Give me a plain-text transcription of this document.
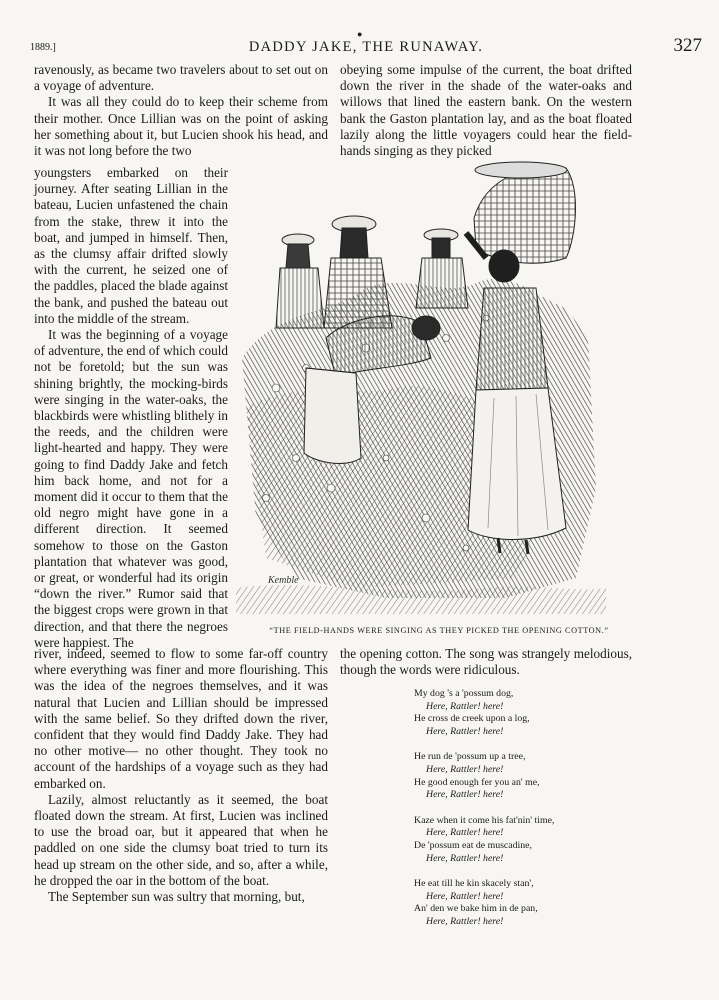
1889.]
●
DADDY JAKE, THE RUNAWAY.	327

ravenously, as became two travelers about to set out on a voyage of adventure.

It was all they could do to keep their scheme from their mother. Once Lillian was on the point of asking her something about it, but Lucien shook his head, and it was not long before the two

obeying some impulse of the current, the boat drifted down the river in the shade of the water-oaks and willows that lined the eastern bank. On the western bank the Gaston plantation lay, and as the boat floated lazily along the little voyagers could hear the field-hands singing as they picked

youngsters embarked on their journey. After seating Lillian in the bateau, Lucien unfastened the chain from the stake, threw it into the boat, and jumped in himself. Then, as the clumsy affair drifted slowly with the current, he seized one of the paddles, placed the blade against the bank, and pushed the bateau out into the middle of the stream.

It was the beginning of a voyage of adventure, the end of which could not be foretold; but the sun was shining brightly, the mocking-birds were singing in the water-oaks, the blackbirds were whistling blithely in the reeds, and the children were light-hearted and happy. They were going to find Daddy Jake and fetch him back home, and not for a moment did it occur to them that the old negro might have gone in a different direction. It seemed somehow to those on the Gaston plantation that whatever was good, or great, or wonderful had its origin “down the river.” Rumor said that the biggest crops were grown in that direction, and that there the negroes were happiest. The

Kemble
“THE FIELD-HANDS WERE SINGING AS THEY PICKED THE OPENING COTTON.”

river, indeed, seemed to flow to some far-off country where everything was finer and more flourishing. This was the idea of the negroes themselves, and it was natural that Lucien and Lillian should be impressed with the same belief. So they drifted down the river, confident that they would find Daddy Jake. They had no other motive— no other thought. They took no account of the hardships of a voyage such as they had embarked on.

Lazily, almost reluctantly as it seemed, the boat floated down the stream. At first, Lucien was inclined to use the broad oar, but it appeared that when he paddled on one side the clumsy boat tried to turn its head up stream on the other side, and so, after a while, he dropped the oar in the bottom of the boat.

The September sun was sultry that morning, but,

the opening cotton. The song was strangely melodious, though the words were ridiculous.

My dog 's a 'possum dog,
Here, Rattler! here!
He cross de creek upon a log,
Here, Rattler! here!
He run de 'possum up a tree,
Here, Rattler! here!
He good enough fer you an' me,
Here, Rattler! here!
Kaze when it come his fat'nin' time,
Here, Rattler! here!
De 'possum eat de muscadine,
Here, Rattler! here!
He eat till he kin skacely stan',
Here, Rattler! here!
An' den we bake him in de pan,
Here, Rattler! here!
